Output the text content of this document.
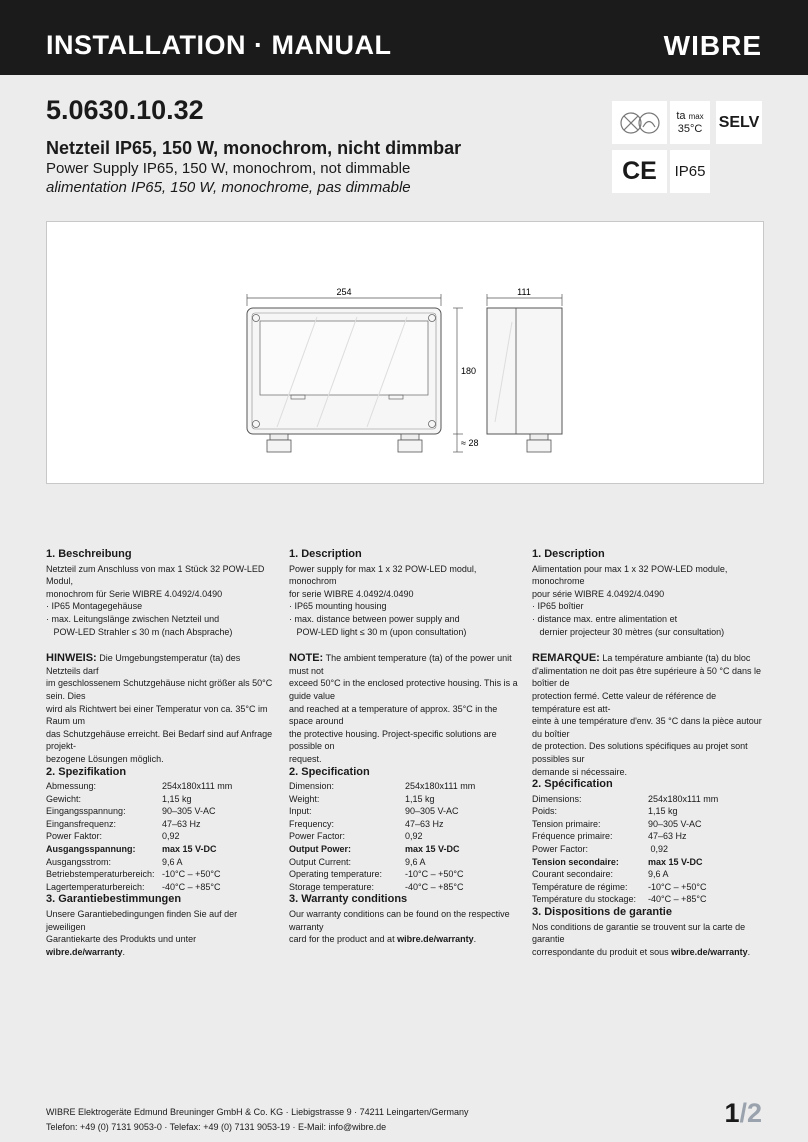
INSTALLATION · MANUAL	WIBRE
5.0630.10.32
Netzteil IP65, 150 W, monochrom, nicht dimmbar
Power Supply IP65, 150 W, monochrom, not dimmable
alimentation IP65, 150 W, monochrome, pas dimmable
ta max
35°C SELV
CE IP65
254	111
180
≈ 28
1. Beschreibung

Netzteil zum Anschluss von max 1 Stück 32 POW-LED Modul,

monochrom für Serie WIBRE 4.0492/4.0490

· IP65 Montagegehäuse

· max. Leitungslänge zwischen Netzteil und

POW-LED Strahler ≤ 30 m (nach Absprache)

HINWEIS: Die Umgebungstemperatur (ta) des Netzteils darf

im geschlossenem Schutzgehäuse nicht größer als 50°C sein. Dies

wird als Richtwert bei einer Temperatur von ca. 35°C im Raum um

das Schutzgehäuse erreicht. Bei Bedarf sind auf Anfrage projekt-

bezogene Lösungen möglich.

2. Spezifikation
Abmessung:	254x180x111 mm
Gewicht:	1,15 kg
Eingangsspannung:	90–305 V-AC
Eingansfrequenz:	47–63 Hz
Power Faktor:	0,92
Ausgangsspannung:	max 15 V-DC
Ausgangsstrom:	9,6 A
Betriebstemperaturbereich: -10°C – +50°C
Lagertemperaturbereich:	-40°C – +85°C
3. Garantiebestimmungen

Unsere Garantiebedingungen finden Sie auf der jeweiligen

Garantiekarte des Produkts und unter wibre.de/warranty.

1. Description

Power supply for max 1 x 32 POW-LED modul, monochrom

for serie WIBRE 4.0492/4.0490

· IP65 mounting housing

· max. distance between power supply and

POW-LED light ≤ 30 m (upon consultation)

NOTE: The ambient temperature (ta) of the power unit must not

exceed 50°C in the enclosed protective housing. This is a guide value

and reached at a temperature of approx. 35°C in the space around

the protective housing. Project-specific solutions are possible on

request.

2. Specification
Dimension:	254x180x111 mm
Weight:	1,15 kg
Input:	90–305 V-AC
Frequency:	47–63 Hz
Power Factor:	0,92
Output Power:	max 15 V-DC
Output Current:	9,6 A
Operating temperature:	-10°C – +50°C
Storage temperature:	-40°C – +85°C
3. Warranty conditions

Our warranty conditions can be found on the respective warranty

card for the product and at wibre.de/warranty.

1. Description

Alimentation pour max 1 x 32 POW-LED module, monochrome

pour série WIBRE 4.0492/4.0490

· IP65 boîtier

· distance max. entre alimentation et

dernier projecteur 30 mètres (sur consultation)

REMARQUE: La température ambiante (ta) du bloc

d'alimentation ne doit pas être supérieure à 50 °C dans le boîtier de

protection fermé. Cette valeur de référence de température est att-

einte à une température d'env. 35 °C dans la pièce autour du boîtier

de protection. Des solutions spécifiques au projet sont possibles sur

demande si nécessaire.

2. Spécification
Dimensions:	254x180x111 mm
Poids:	1,15 kg
Tension primaire:	90–305 V-AC
Fréquence primaire:	47–63 Hz
Power Factor:	0,92
Tension secondaire:	max 15 V-DC
Courant secondaire:	9,6 A
Température de régime:	-10°C – +50°C
Température du stockage:	-40°C – +85°C
3. Dispositions de garantie

Nos conditions de garantie se trouvent sur la carte de garantie

correspondante du produit et sous wibre.de/warranty.

WIBRE Elektrogeräte Edmund Breuninger GmbH & Co. KG · Liebigstrasse 9 · 74211 Leingarten/Germany
Telefon: +49 (0) 7131 9053-0 · Telefax: +49 (0) 7131 9053-19 · E-Mail: info@wibre.de	1/2
